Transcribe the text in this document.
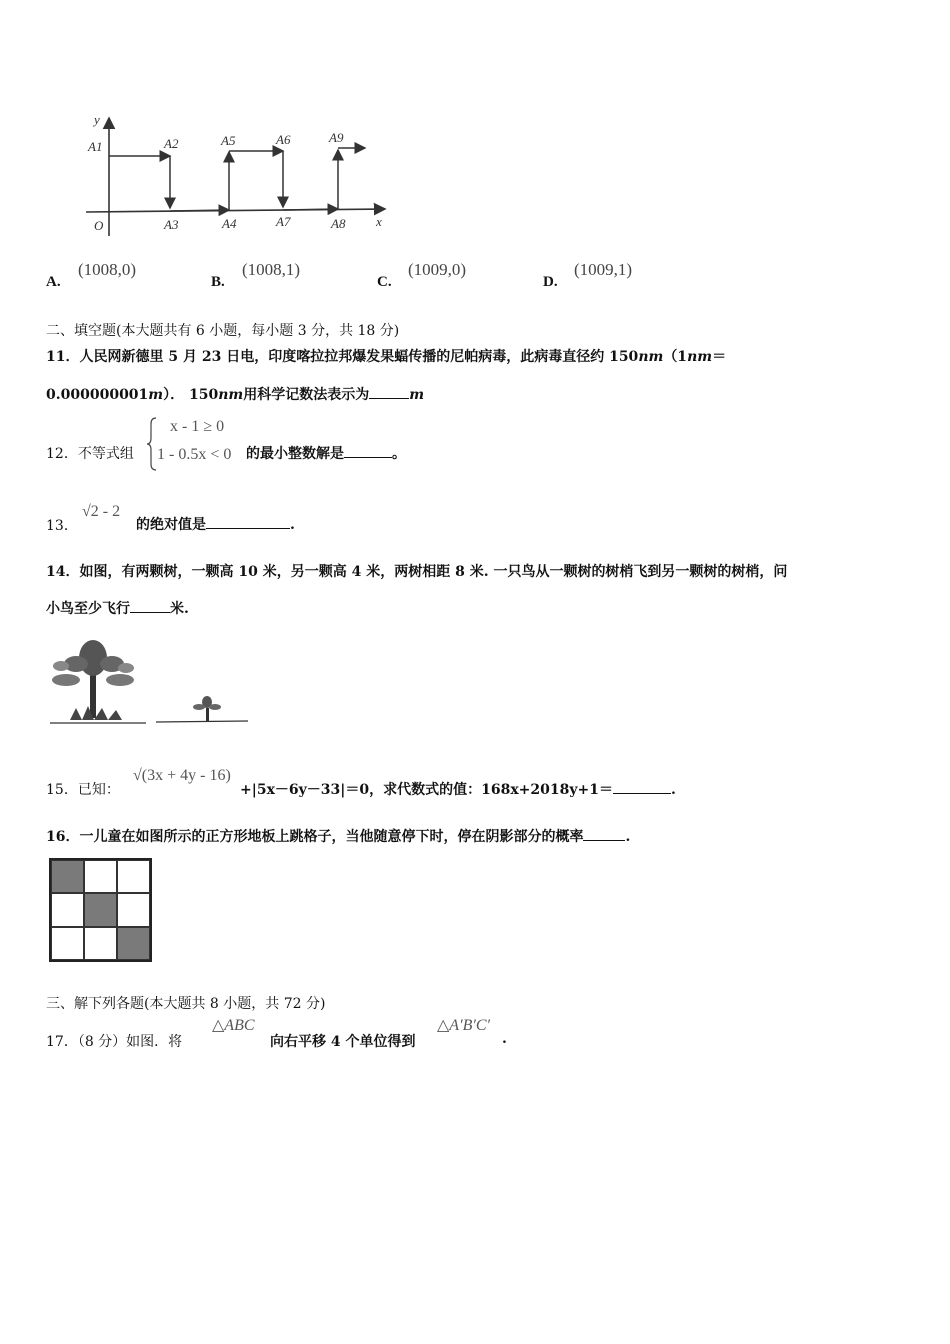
y
x
O
A1	A2
A3	A4
A5	A6
A7	A8
A9
A.
(1008,0)
B.
(1008,1)
C.
(1009,0)
D.
(1009,1)
二、填空题(本大题共有 6 小题，每小题 3 分，共 18 分)
11．人民网新德里 5 月 23 日电，印度喀拉拉邦爆发果蝠传播的尼帕病毒，此病毒直径约 150nm（1nm＝
0.000000001m）． 150nm用科学记数法表示为	m
12．不等式组
x - 1 ≥ 0
1 - 0.5x < 0 的最小整数解是	。
13．
√2 - 2
的绝对值是	.
14．如图，有两颗树，一颗高 10 米，另一颗高 4 米，两树相距 8 米. 一只鸟从一颗树的树梢飞到另一颗树的树梢，问
小鸟至少飞行	米.
15．已知：
√(3x + 4y - 16)
+|5x－6y－33|＝0，求代数式的值：168x+2018y+1＝	.
16．一儿童在如图所示的正方形地板上跳格子，当他随意停下时，停在阴影部分的概率	.
三、解下列各题(本大题共 8 小题，共 72 分)
17．（8 分）如图．将
△ABC
向右平移 4 个单位得到
△A′B′C′
.
